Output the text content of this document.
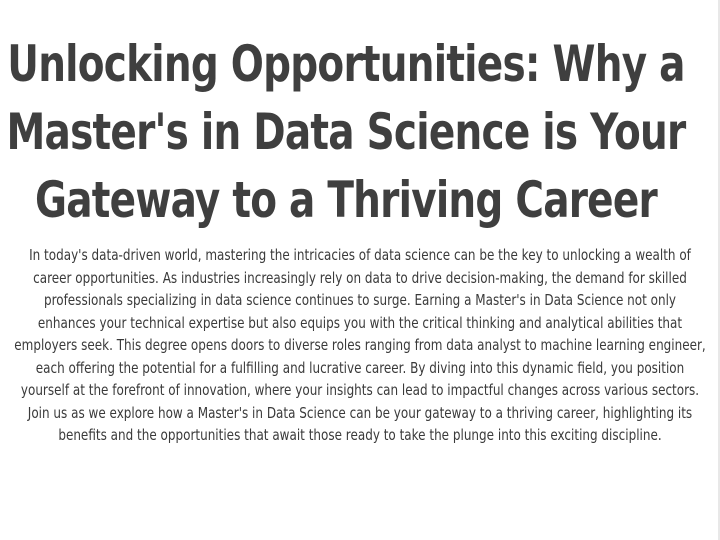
Unlocking Opportunities: Why a Master's in Data Science is Your Gateway to a Thriving Career

In today's data-driven world, mastering the intricacies of data science can be the key to unlocking a wealth of career opportunities. As industries increasingly rely on data to drive decision-making, the demand for skilled professionals specializing in data science continues to surge. Earning a Master's in Data Science not only enhances your technical expertise but also equips you with the critical thinking and analytical abilities that employers seek. This degree opens doors to diverse roles ranging from data analyst to machine learning engineer, each offering the potential for a fulfilling and lucrative career. By diving into this dynamic field, you position yourself at the forefront of innovation, where your insights can lead to impactful changes across various sectors. Join us as we explore how a Master's in Data Science can be your gateway to a thriving career, highlighting its benefits and the opportunities that await those ready to take the plunge into this exciting discipline.
